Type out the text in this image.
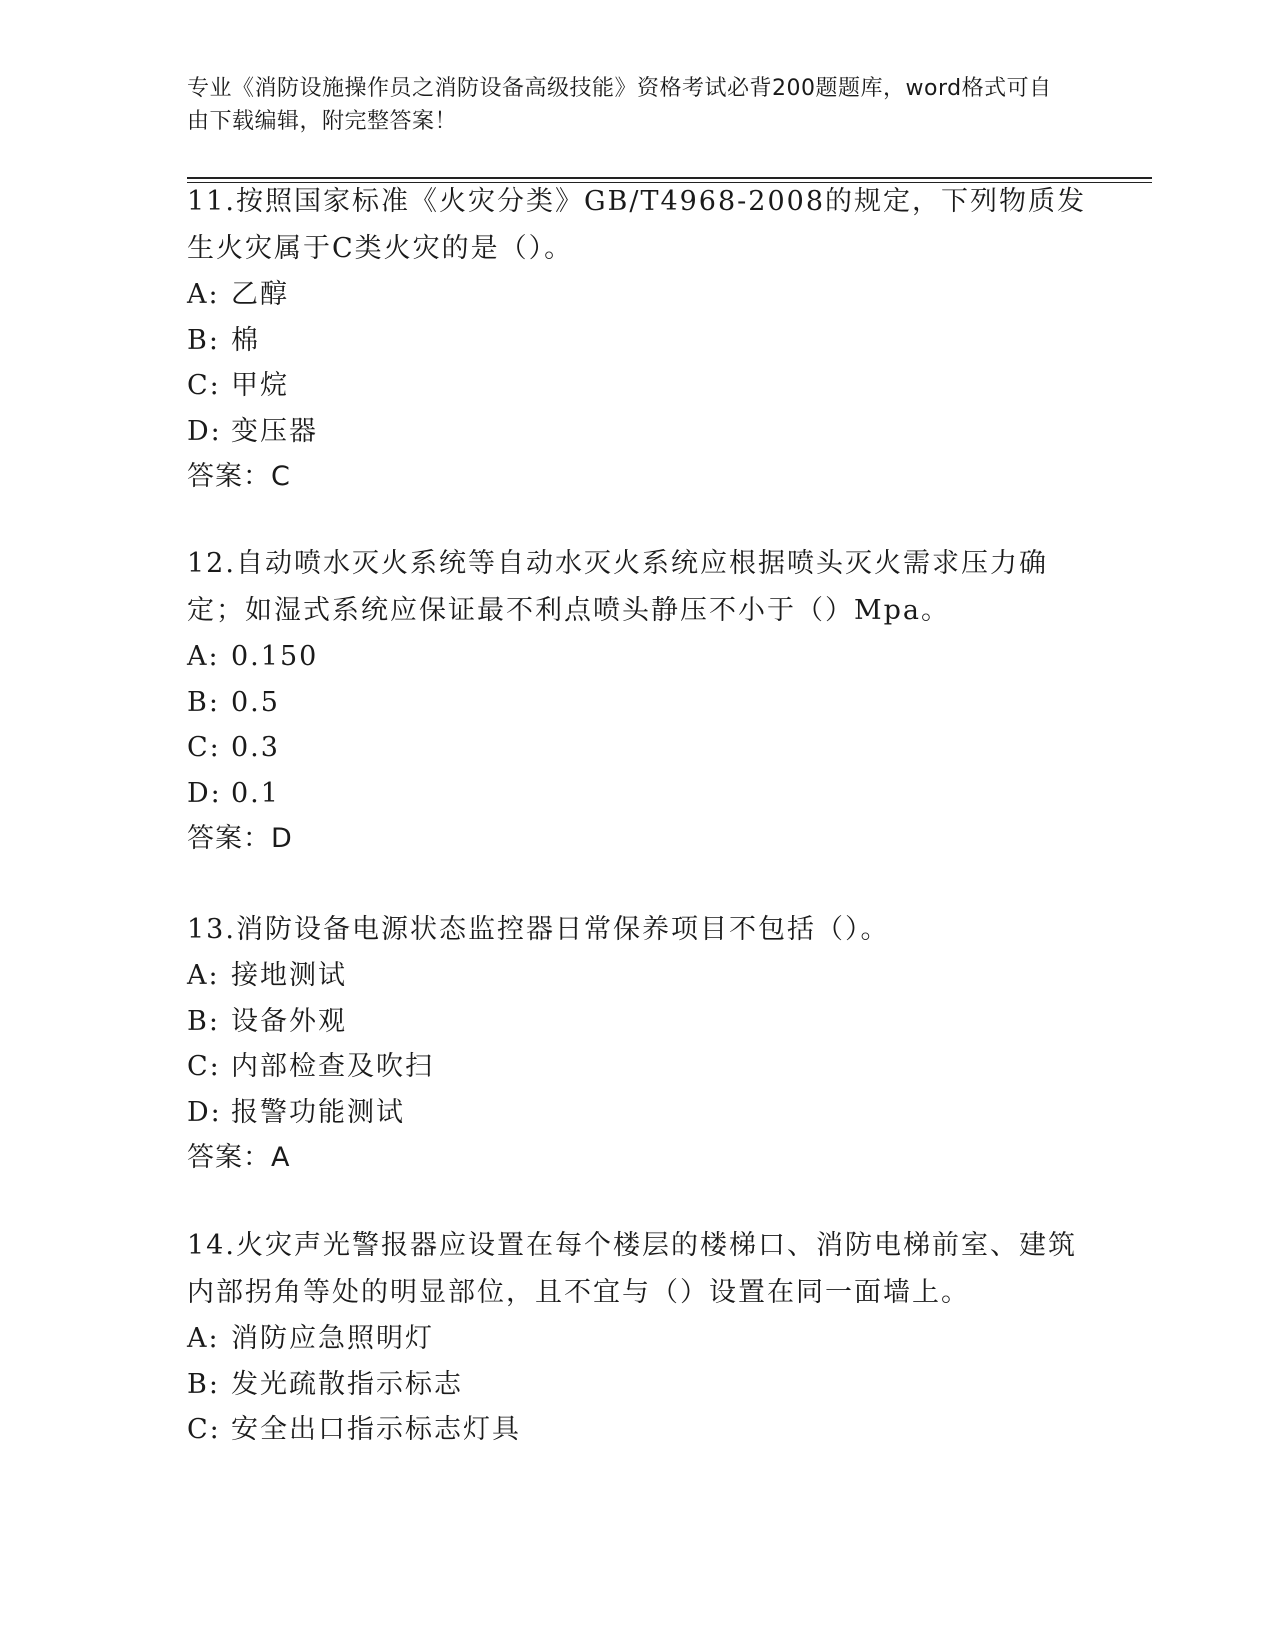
专业《消防设施操作员之消防设备高级技能》资格考试必背200题题库，word格式可自由下载编辑，附完整答案！

11.按照国家标准《火灾分类》GB/T4968-2008的规定，下列物质发生火灾属于C类火灾的是（）。

A: 乙醇

B: 棉

C: 甲烷

D: 变压器

答案：C

12.自动喷水灭火系统等自动水灭火系统应根据喷头灭火需求压力确定；如湿式系统应保证最不利点喷头静压不小于（）Mpa。

A: 0.150

B: 0.5

C: 0.3

D: 0.1

答案：D

13.消防设备电源状态监控器日常保养项目不包括（）。

A: 接地测试

B: 设备外观

C: 内部检查及吹扫

D: 报警功能测试

答案：A

14.火灾声光警报器应设置在每个楼层的楼梯口、消防电梯前室、建筑内部拐角等处的明显部位，且不宜与（）设置在同一面墙上。

A: 消防应急照明灯

B: 发光疏散指示标志

C: 安全出口指示标志灯具
